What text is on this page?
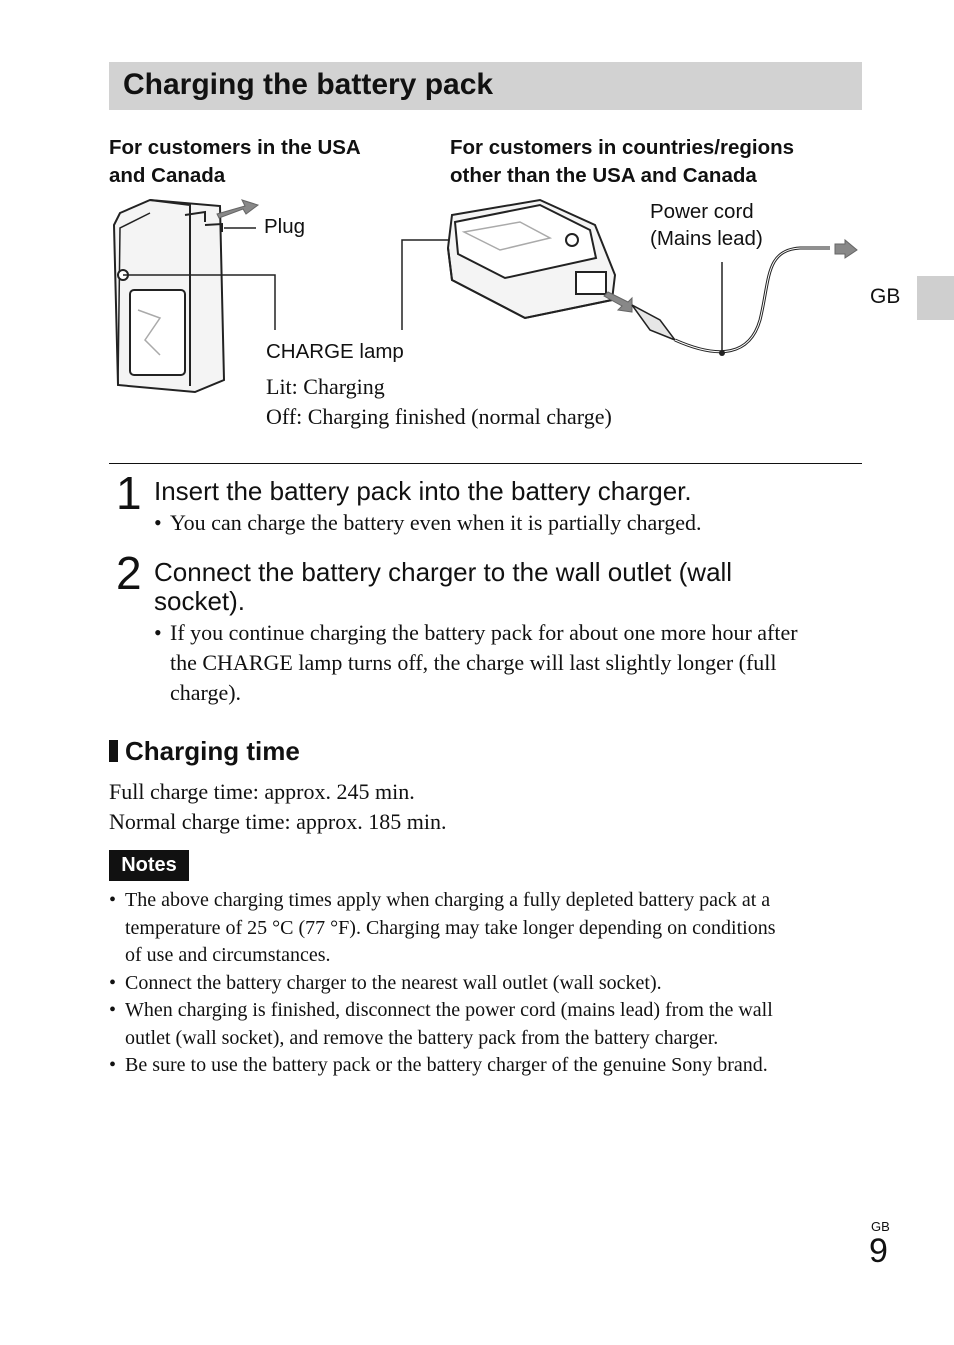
Charging the battery pack
For customers in the USA
and Canada
For customers in countries/regions
other than the USA and Canada
Plug
Power cord
(Mains lead)
CHARGE lamp
Lit: Charging
Off: Charging finished (normal charge)
GB
1 Insert the battery pack into the battery charger.
• You can charge the battery even when it is partially charged.
2 Connect the battery charger to the wall outlet (wall
socket).
• If you continue charging the battery pack for about one more hour after
the CHARGE lamp turns off, the charge will last slightly longer (full
charge).
Charging time
Full charge time: approx. 245 min.
Normal charge time: approx. 185 min.
Notes
• The above charging times apply when charging a fully depleted battery pack at a
temperature of 25 °C (77 °F). Charging may take longer depending on conditions
of use and circumstances.
• Connect the battery charger to the nearest wall outlet (wall socket).
• When charging is finished, disconnect the power cord (mains lead) from the wall
outlet (wall socket), and remove the battery pack from the battery charger.
• Be sure to use the battery pack or the battery charger of the genuine Sony brand.
GB
9
